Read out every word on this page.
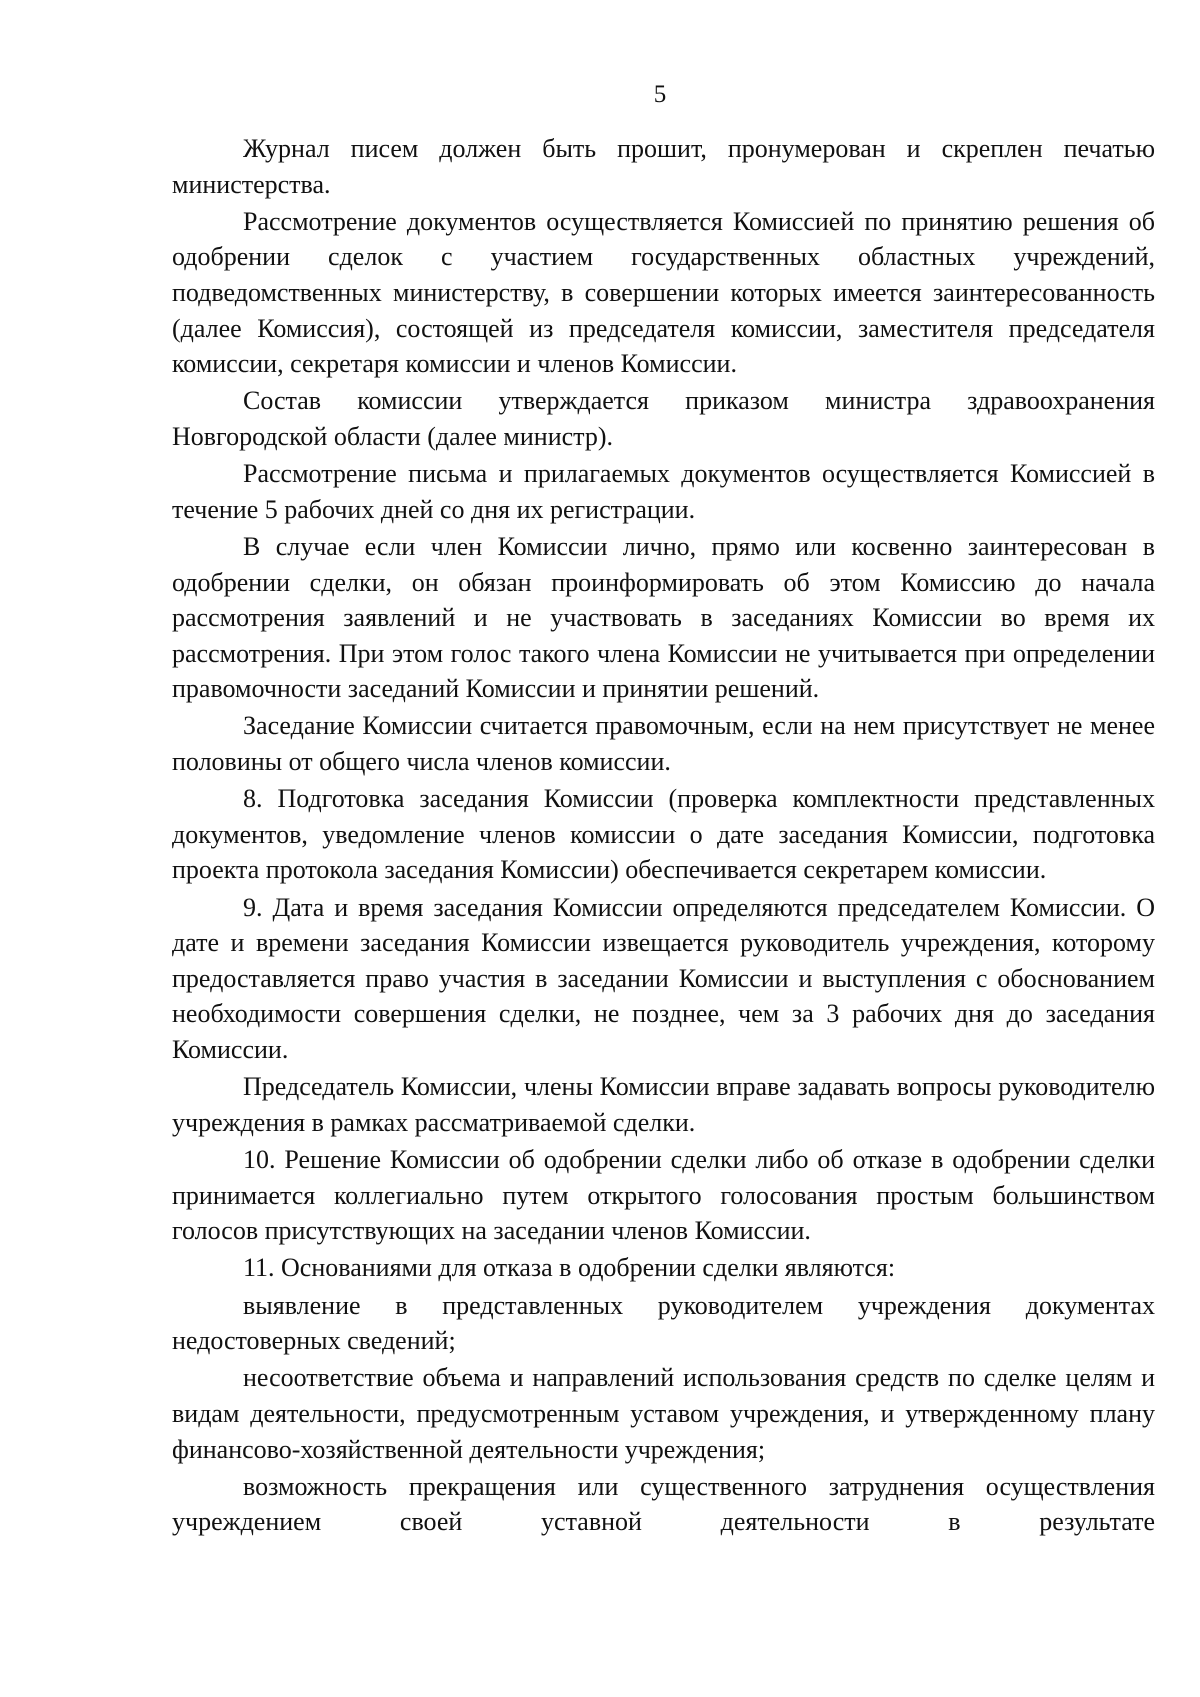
5

Журнал писем должен быть прошит, пронумерован и скреплен печатью министерства.

Рассмотрение документов осуществляется Комиссией по принятию решения об одобрении сделок с участием государственных областных учреждений, подведомственных министерству, в совершении которых имеется заинтересованность (далее Комиссия), состоящей из председателя комиссии, заместителя председателя комиссии, секретаря комиссии и членов Комиссии.

Состав комиссии утверждается приказом министра здравоохранения Новгородской области (далее министр).

Рассмотрение письма и прилагаемых документов осуществляется Комиссией в течение 5 рабочих дней со дня их регистрации.

В случае если член Комиссии лично, прямо или косвенно заинтересован в одобрении сделки, он обязан проинформировать об этом Комиссию до начала рассмотрения заявлений и не участвовать в заседаниях Комиссии во время их рассмотрения. При этом голос такого члена Комиссии не учитывается при определении правомочности заседаний Комиссии и принятии решений.

Заседание Комиссии считается правомочным, если на нем присутствует не менее половины от общего числа членов комиссии.

8. Подготовка заседания Комиссии (проверка комплектности представленных документов, уведомление членов комиссии о дате заседания Комиссии, подготовка проекта протокола заседания Комиссии) обеспечивается секретарем комиссии.

9. Дата и время заседания Комиссии определяются председателем Комиссии. О дате и времени заседания Комиссии извещается руководитель учреждения, которому предоставляется право участия в заседании Комиссии и выступления с обоснованием необходимости совершения сделки, не позднее, чем за 3 рабочих дня до заседания Комиссии.

Председатель Комиссии, члены Комиссии вправе задавать вопросы руководителю учреждения в рамках рассматриваемой сделки.

10. Решение Комиссии об одобрении сделки либо об отказе в одобрении сделки принимается коллегиально путем открытого голосования простым большинством голосов присутствующих на заседании членов Комиссии.

11. Основаниями для отказа в одобрении сделки являются:

выявление в представленных руководителем учреждения документах недостоверных сведений;

несоответствие объема и направлений использования средств по сделке целям и видам деятельности, предусмотренным уставом учреждения, и утвержденному плану финансово-хозяйственной деятельности учреждения;

возможность прекращения или существенного затруднения осуществления учреждением своей уставной деятельности в результате
